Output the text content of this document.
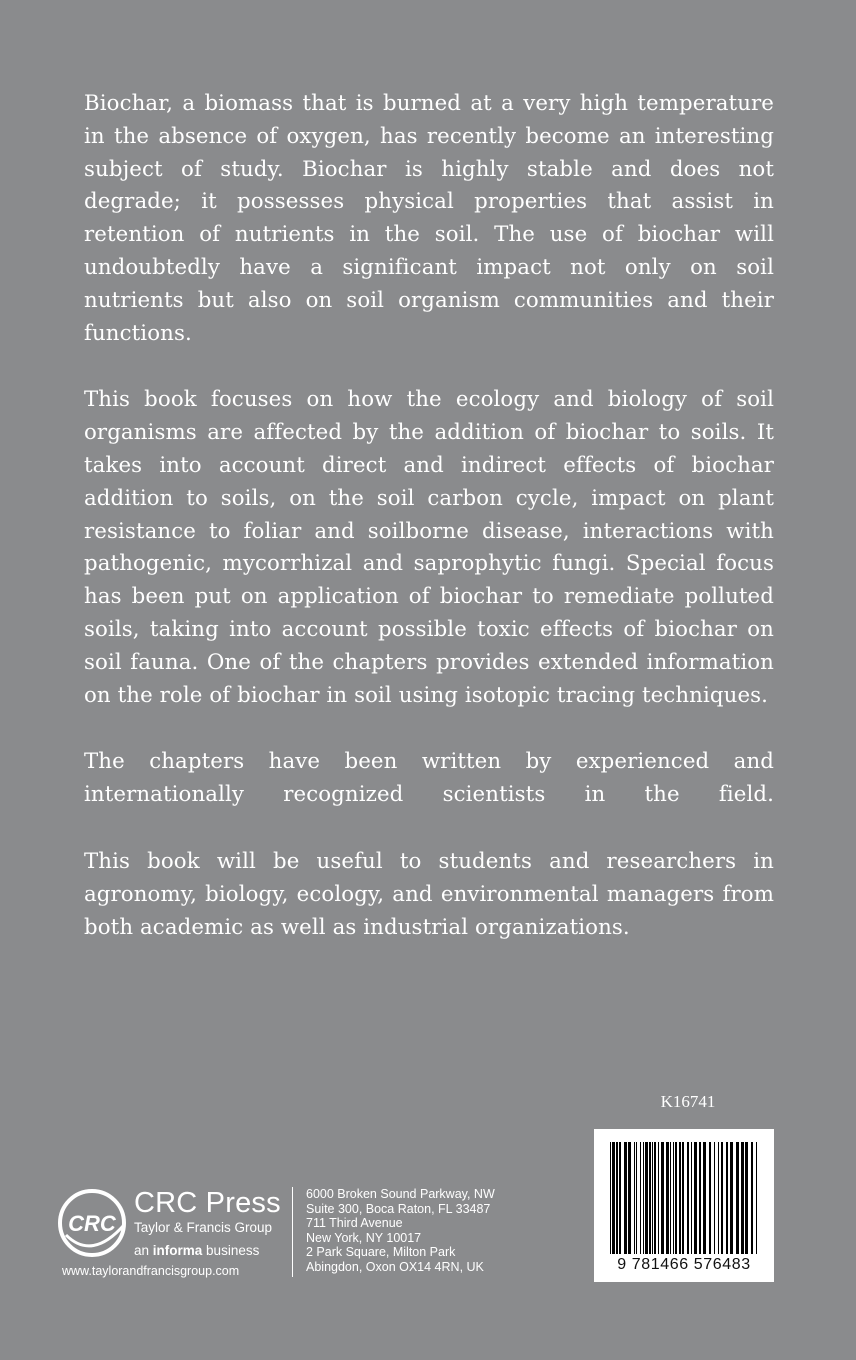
Biochar, a biomass that is burned at a very high temperature in the absence of oxygen, has recently become an interesting subject of study. Biochar is highly stable and does not degrade; it possesses physical properties that assist in retention of nutrients in the soil. The use of biochar will undoubtedly have a significant impact not only on soil nutrients but also on soil organism communities and their functions.

This book focuses on how the ecology and biology of soil organisms are affected by the addition of biochar to soils. It takes into account direct and indirect effects of biochar addition to soils, on the soil carbon cycle, impact on plant resistance to foliar and soilborne disease, interactions with pathogenic, mycorrhizal and saprophytic fungi. Special focus has been put on application of biochar to remediate polluted soils, taking into account possible toxic effects of biochar on soil fauna. One of the chapters provides extended information on the role of biochar in soil using isotopic tracing techniques.

The chapters have been written by experienced and internationally recognized scientists in the field.

This book will be useful to students and researchers in agronomy, biology, ecology, and environmental managers from both academic as well as industrial organizations.

K16741
9 781466 576483
CRC
CRC Press
Taylor & Francis Group
an informa business
www.taylorandfrancisgroup.com
6000 Broken Sound Parkway, NW
Suite 300, Boca Raton, FL 33487
711 Third Avenue
New York, NY 10017
2 Park Square, Milton Park
Abingdon, Oxon OX14 4RN, UK
